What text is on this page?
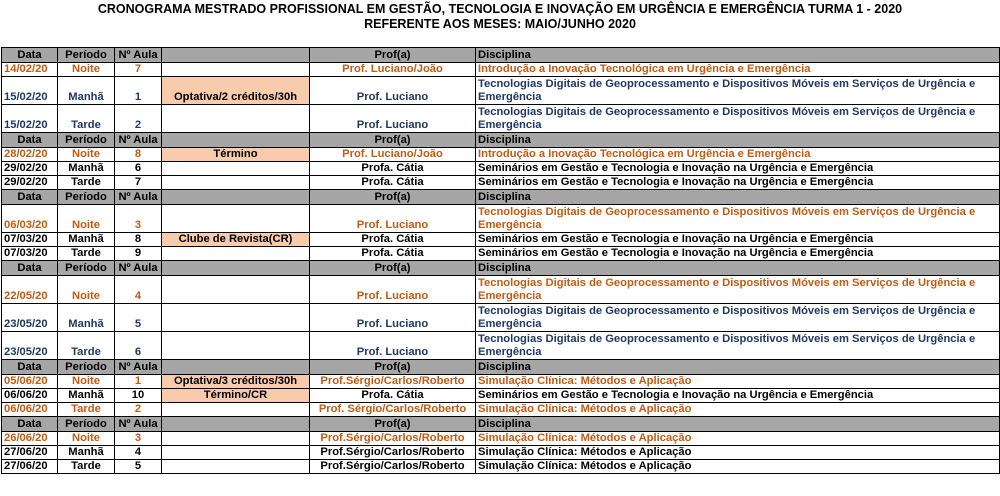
CRONOGRAMA MESTRADO PROFISSIONAL EM GESTÃO, TECNOLOGIA E INOVAÇÃO EM URGÊNCIA E EMERGÊNCIA TURMA 1 - 2020
REFERENTE AOS MESES: MAIO/JUNHO 2020
Data	Período	Nº Aula		Prof(a)	Disciplina
14/02/20	Noite	7		Prof. Luciano/João	Introdução a Inovação Tecnológica em Urgência e Emergência
15/02/20	Manhã	1	Optativa/2 créditos/30h	Prof. Luciano	Tecnologias Digitais de Geoprocessamento e Dispositivos Móveis em Serviços de Urgência e Emergência
15/02/20	Tarde	2		Prof. Luciano	Tecnologias Digitais de Geoprocessamento e Dispositivos Móveis em Serviços de Urgência e Emergência
Data	Período	Nº Aula		Prof(a)	Disciplina
28/02/20	Noite	8	Término	Prof. Luciano/João	Introdução a Inovação Tecnológica em Urgência e Emergência
29/02/20	Manhã	6		Profa. Cátia	Seminários em Gestão e Tecnologia e Inovação na Urgência e Emergência
29/02/20	Tarde	7		Profa. Cátia	Seminários em Gestão e Tecnologia e Inovação na Urgência e Emergência
Data	Período	Nº Aula		Prof(a)	Disciplina
06/03/20	Noite	3		Prof. Luciano	Tecnologias Digitais de Geoprocessamento e Dispositivos Móveis em Serviços de Urgência e Emergência
07/03/20	Manhã	8	Clube de Revista(CR)	Profa. Cátia	Seminários em Gestão e Tecnologia e Inovação na Urgência e Emergência
07/03/20	Tarde	9		Profa. Cátia	Seminários em Gestão e Tecnologia e Inovação na Urgência e Emergência
Data	Período	Nº Aula		Prof(a)	Disciplina
22/05/20	Noite	4		Prof. Luciano	Tecnologias Digitais de Geoprocessamento e Dispositivos Móveis em Serviços de Urgência e Emergência
23/05/20	Manhã	5		Prof. Luciano	Tecnologias Digitais de Geoprocessamento e Dispositivos Móveis em Serviços de Urgência e Emergência
23/05/20	Tarde	6		Prof. Luciano	Tecnologias Digitais de Geoprocessamento e Dispositivos Móveis em Serviços de Urgência e Emergência
Data	Período	Nº Aula		Prof(a)	Disciplina
05/06/20	Noite	1	Optativa/3 créditos/30h	Prof.Sérgio/Carlos/Roberto	Simulação Clínica: Métodos e Aplicação
06/06/20	Manhã	10	Término/CR	Profa. Cátia	Seminários em Gestão e Tecnologia e Inovação na Urgência e Emergência
06/06/20	Tarde	2		Prof. Sérgio/Carlos/Roberto	Simulação Clínica: Métodos e Aplicação
Data	Período	Nº Aula		Prof(a)	Disciplina
26/06/20	Noite	3		Prof.Sérgio/Carlos/Roberto	Simulação Clínica: Métodos e Aplicação
27/06/20	Manhã	4		Prof.Sérgio/Carlos/Roberto	Simulação Clínica: Métodos e Aplicação
27/06/20	Tarde	5		Prof.Sérgio/Carlos/Roberto	Simulação Clínica: Métodos e Aplicação
